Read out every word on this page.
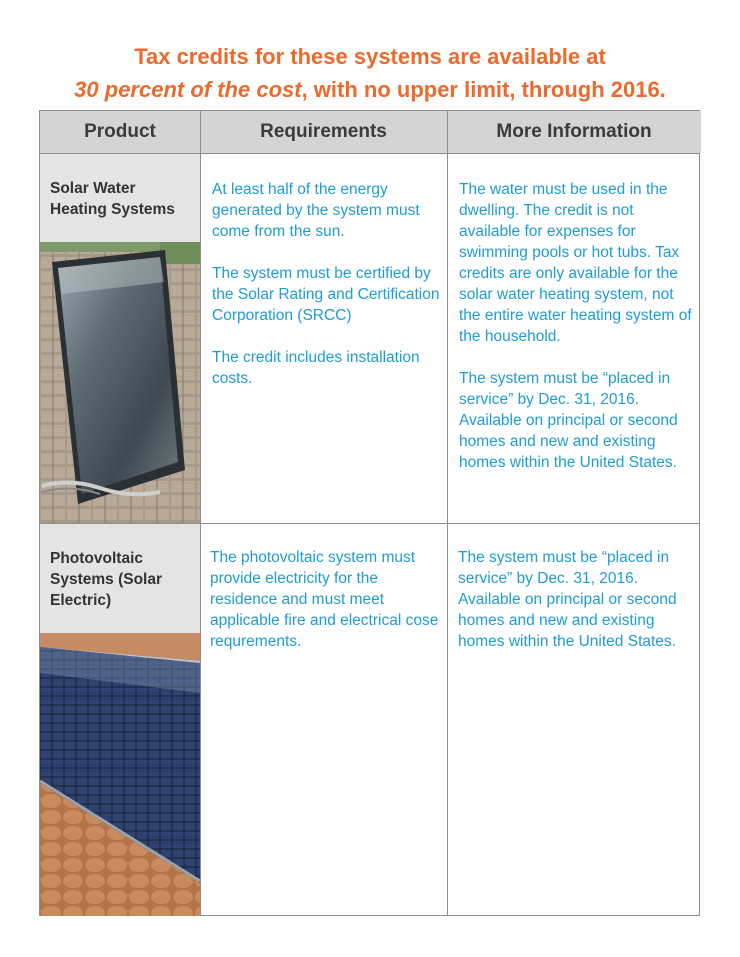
Tax credits for these systems are available at
30 percent of the cost, with no upper limit, through 2016.
Product	Requirements	More Information
Solar Water Heating Systems

At least half of the energy generated by the system must come from the sun.

The system must be certified by the Solar Rating and Certification Corporation (SRCC)

The credit includes installation costs.

The water must be used in the dwelling. The credit is not available for expenses for swimming pools or hot tubs. Tax credits are only available for the solar water heating system, not the entire water heating system of the household.

The system must be “placed in service” by Dec. 31, 2016. Available on principal or second homes and new and existing homes within the United States.

Photovoltaic Systems (Solar Electric)

The photovoltaic system must provide electricity for the residence and must meet applicable fire and electrical cose requrements.

The system must be “placed in service” by Dec. 31, 2016. Available on principal or second homes and new and existing homes within the United States.
